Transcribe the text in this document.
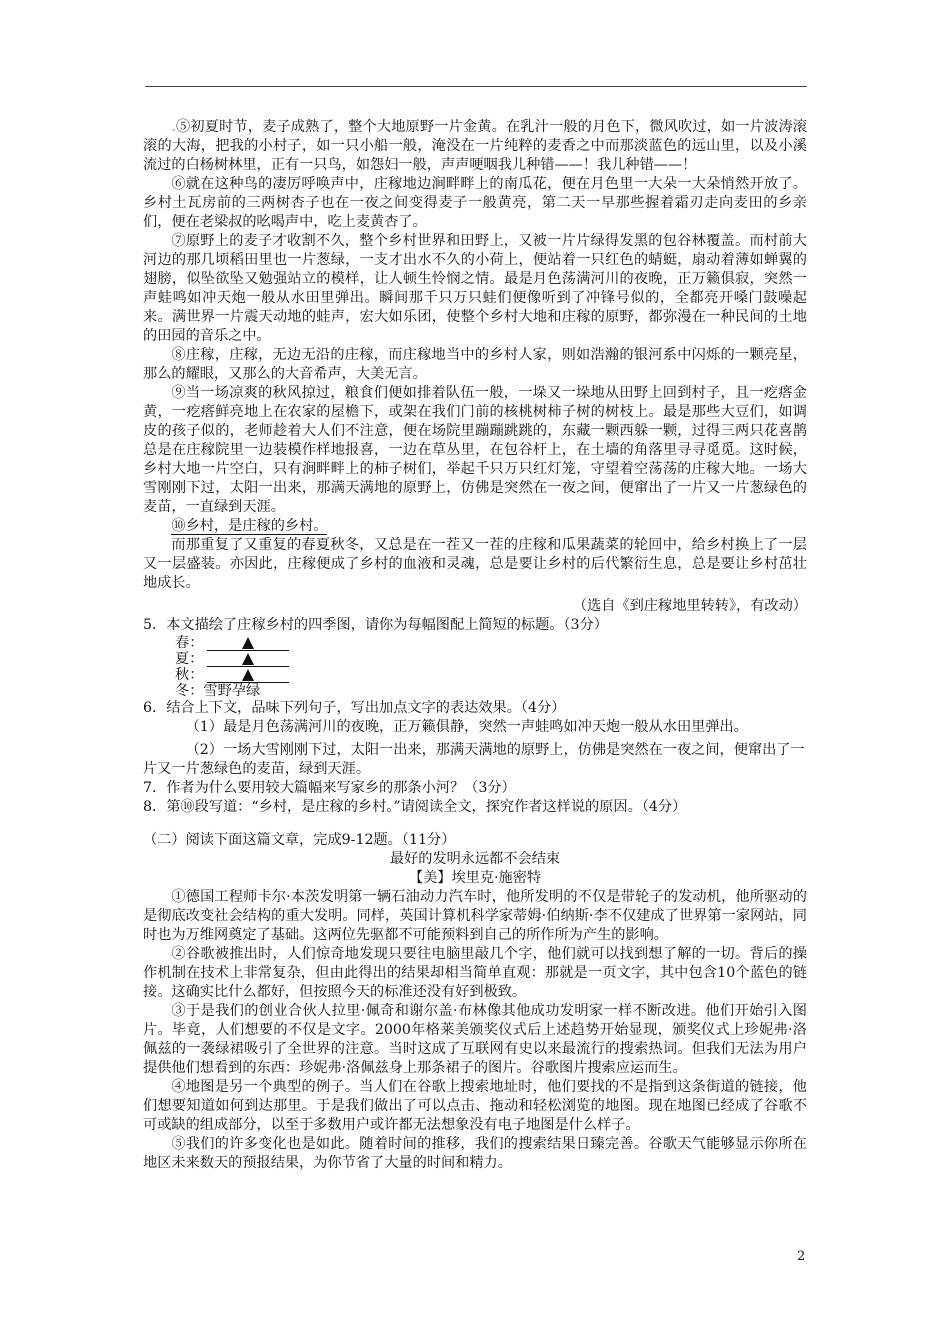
.⑤初夏时节，麦子成熟了，整个大地原野一片金黄。在乳汁一般的月色下，微风吹过，如一片波涛滚滚的大海，把我的小村子，如一只小船一般，淹没在一片纯粹的麦香之中而那淡蓝色的远山里，以及小溪流过的白杨树林里，正有一只鸟，如怨妇一般，声声哽咽我儿种错——！我儿种错——！

⑥就在这种鸟的凄厉呼唤声中，庄稼地边涧畔畔上的南瓜花，便在月色里一大朵一大朵悄然开放了。乡村土瓦房前的三两树杏子也在一夜之间变得麦子一般黄亮，第二天一早那些握着霜刃走向麦田的乡亲们，便在老梁叔的吆喝声中，吃上麦黄杏了。

⑦原野上的麦子才收割不久，整个乡村世界和田野上，又被一片片绿得发黑的包谷林覆盖。而村前大河边的那几顷稻田里也一片葱绿，一支才出水不久的小荷上，便站着一只红色的蜻蜓，扇动着薄如蝉翼的翅膀，似坠欲坠又勉强站立的模样，让人顿生怜悯之情。最是月色荡满河川的夜晚，正万籁俱寂，突然一声蛙鸣如冲天炮一般从水田里弹出。瞬间那千只万只蛙们便像听到了冲锋号似的，全都亮开嗓门鼓噪起来。满世界一片震天动地的蛙声，宏大如乐团，使整个乡村大地和庄稼的原野，都弥漫在一种民间的土地的田园的音乐之中。

⑧庄稼，庄稼，无边无沿的庄稼，而庄稼地当中的乡村人家，则如浩瀚的银河系中闪烁的一颗亮星，那么的耀眼，又那么的大音希声，大美无言。

⑨当一场凉爽的秋风掠过，粮食们便如排着队伍一般，一垛又一垛地从田野上回到村子，且一疙瘩金黄，一疙瘩鲜亮地上在农家的屋檐下，或架在我们门前的核桃树柿子树的树枝上。最是那些大豆们，如调皮的孩子似的，老师趁着大人们不注意，便在场院里蹦蹦跳跳的，东藏一颗西躲一颗，过得三两只花喜鹊总是在庄稼院里一边装模作样地报喜，一边在草丛里，在包谷杆上，在土墙的角落里寻寻觅觅。这时候，乡村大地一片空白，只有涧畔畔上的柿子树们，举起千只万只红灯笼，守望着空荡荡的庄稼大地。一场大雪刚刚下过，太阳一出来，那满天满地的原野上，仿佛是突然在一夜之间，便窜出了一片又一片葱绿色的麦苗，一直绿到天涯。

⑩乡村，是庄稼的乡村。

而那重复了又重复的春夏秋冬，又总是在一茬又一茬的庄稼和瓜果蔬菜的轮回中，给乡村换上了一层又一层盛装。亦因此，庄稼便成了乡村的血液和灵魂，总是要让乡村的后代繁衍生息，总是要让乡村茁壮地成长。

（选自《到庄稼地里转转》，有改动）

5．本文描绘了庄稼乡村的四季图，请你为每幅图配上简短的标题。（3分）

春：
夏：
秋：
冬：雪野孕绿

6．结合上下文，品味下列句子，写出加点文字的表达效果。（4分）

（1）最是月色荡满河川的夜晚，正万籁俱静，突然一声蛙鸣如冲天炮一般从水田里弹出。

（2）一场大雪刚刚下过，太阳一出来，那满天满地的原野上，仿佛是突然在一夜之间，便窜出了一片又一片葱绿色的麦苗，绿到天涯。

7．作者为什么要用较大篇幅来写家乡的那条小河？（3分）

8．第⑩段写道：“乡村，是庄稼的乡村。”请阅读全文，探究作者这样说的原因。（4分）

（二）阅读下面这篇文章，完成9-12题。（11分）

最好的发明永远都不会结束

【美】埃里克·施密特

①德国工程师卡尔·本茨发明第一辆石油动力汽车时，他所发明的不仅是带轮子的发动机，他所驱动的是彻底改变社会结构的重大发明。同样，英国计算机科学家蒂姆·伯纳斯·李不仅建成了世界第一家网站，同时也为万维网奠定了基础。这两位先驱都不可能预料到自己的所作所为产生的影响。

②谷歌被推出时，人们惊奇地发现只要往电脑里敲几个字，他们就可以找到想了解的一切。背后的操作机制在技术上非常复杂，但由此得出的结果却相当简单直观：那就是一页文字，其中包含10个蓝色的链接。这确实比什么都好，但按照今天的标准还没有好到极致。

③于是我们的创业合伙人拉里·佩奇和谢尔盖·布林像其他成功发明家一样不断改进。他们开始引入图片。毕竟，人们想要的不仅是文字。2000年格莱美颁奖仪式后上述趋势开始显现，颁奖仪式上珍妮弗·洛佩兹的一袭绿裙吸引了全世界的注意。当时这成了互联网有史以来最流行的搜索热词。但我们无法为用户提供他们想看到的东西：珍妮弗·洛佩兹身上那条裙子的图片。谷歌图片搜索应运而生。

④地图是另一个典型的例子。当人们在谷歌上搜索地址时，他们要找的不是指到这条街道的链接，他们想要知道如何到达那里。于是我们做出了可以点击、拖动和轻松浏览的地图。现在地图已经成了谷歌不可或缺的组成部分，以至于多数用户或许都无法想象没有电子地图是什么样子。

⑤我们的许多变化也是如此。随着时间的推移，我们的搜索结果日臻完善。谷歌天气能够显示你所在地区未来数天的预报结果，为你节省了大量的时间和精力。

2
